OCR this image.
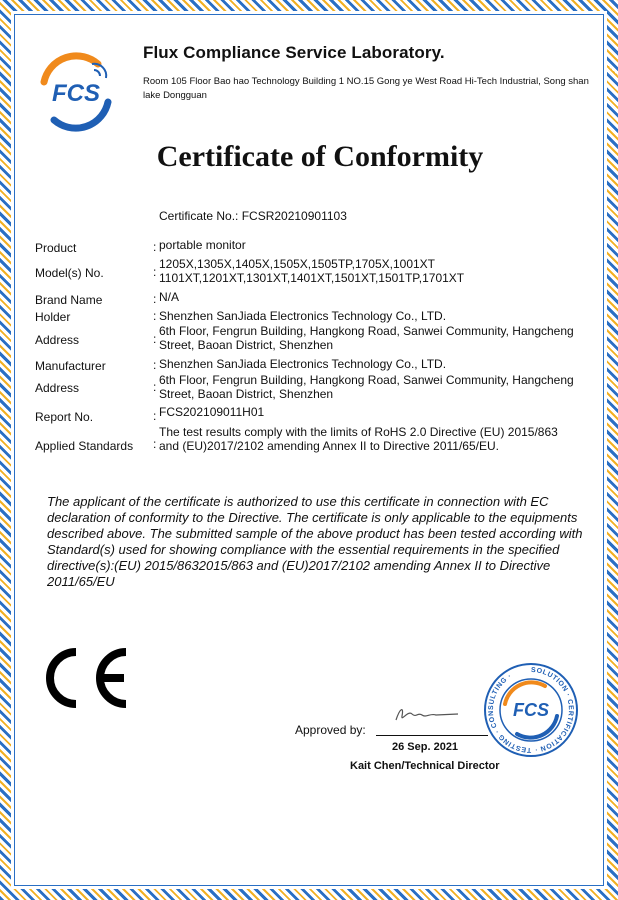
FCS
Flux Compliance Service Laboratory.
Room 105 Floor Bao hao Technology Building 1 NO.15 Gong ye West Road Hi-Tech Industrial, Song shan lake Dongguan
Certificate of Conformity
Certificate No.: FCSR20210901103
Product	: portable monitor
Model(s) No.	:
1205X,1305X,1405X,1505X,1505TP,1705X,1001XT
1101XT,1201XT,1301XT,1401XT,1501XT,1501TP,1701XT
Brand Name	: N/A
Holder	: Shenzhen SanJiada Electronics Technology Co., LTD.
Address	:
6th Floor, Fengrun Building, Hangkong Road, Sanwei Community, Hangcheng
Street, Baoan District, Shenzhen
Manufacturer	: Shenzhen SanJiada Electronics Technology Co., LTD.
Address	: 6th Floor, Fengrun Building, Hangkong Road, Sanwei Community, Hangcheng
Street, Baoan District, Shenzhen
Report No.	: FCS202109011H01
Applied Standards :
The test results comply with the limits of RoHS 2.0 Directive (EU) 2015/863
and (EU)2017/2102 amending Annex II to Directive 2011/65/EU.
The applicant of the certificate is authorized to use this certificate in connection with EC declaration of conformity to the Directive. The certificate is only applicable to the equipments described above. The submitted sample of the above product has been tested according with Standard(s) used for showing compliance with the essential requirements in the specified directive(s):(EU) 2015/8632015/863 and (EU)2017/2102 amending Annex II to Directive 2011/65/EU
Approved by:
26 Sep. 2021
Kait Chen/Technical Director
SOLUTION · CERTIFICATION · TESTING · CONSULTING ·
FCS
